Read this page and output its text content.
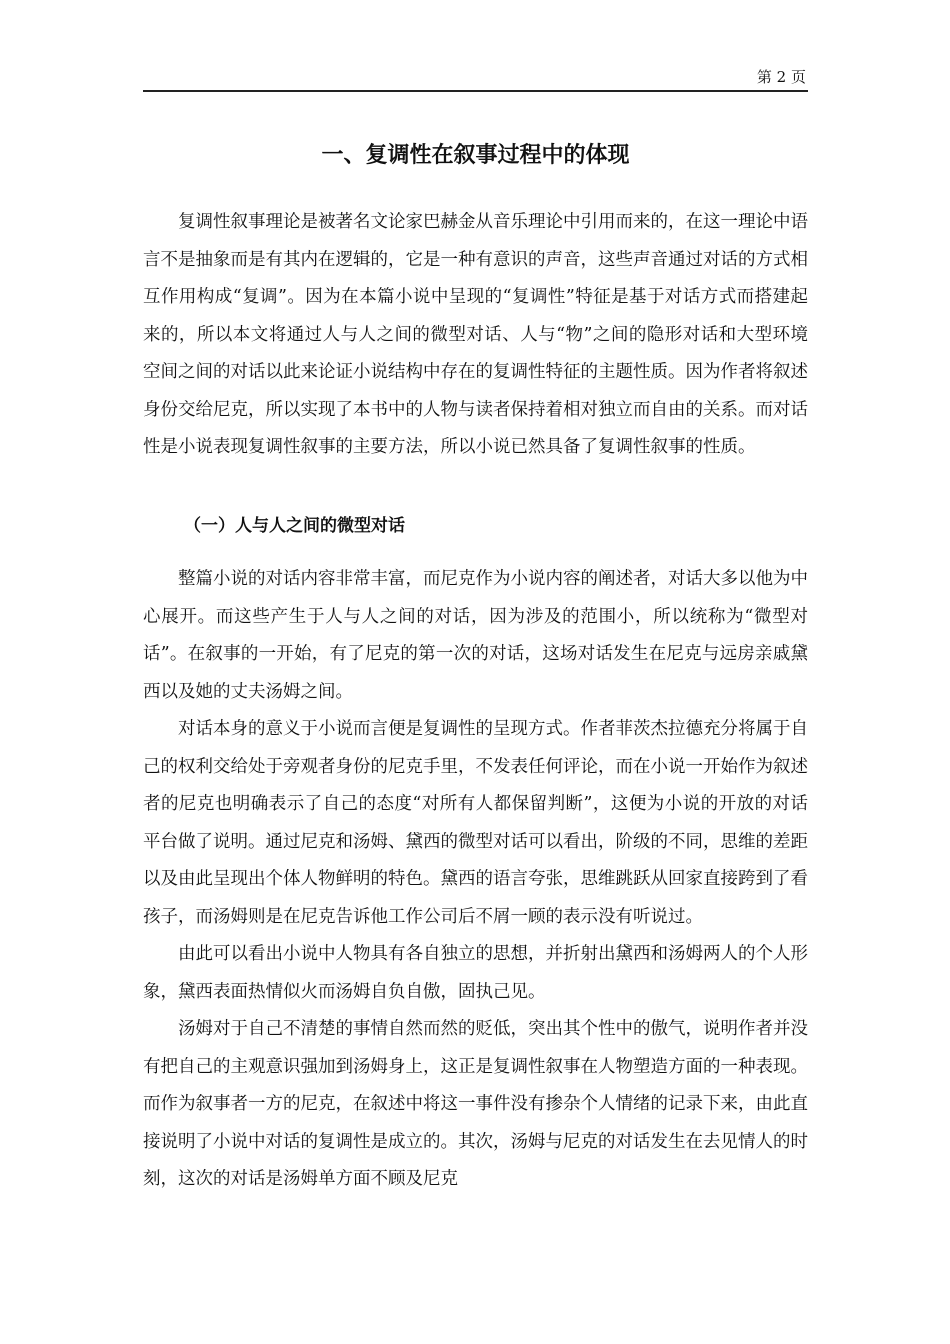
第 2 页
一、复调性在叙事过程中的体现

复调性叙事理论是被著名文论家巴赫金从音乐理论中引用而来的，在这一理论中语言不是抽象而是有其内在逻辑的，它是一种有意识的声音，这些声音通过对话的方式相互作用构成“复调”。因为在本篇小说中呈现的“复调性”特征是基于对话方式而搭建起来的，所以本文将通过人与人之间的微型对话、人与“物”之间的隐形对话和大型环境空间之间的对话以此来论证小说结构中存在的复调性特征的主题性质。因为作者将叙述身份交给尼克，所以实现了本书中的人物与读者保持着相对独立而自由的关系。而对话性是小说表现复调性叙事的主要方法，所以小说已然具备了复调性叙事的性质。

（一）人与人之间的微型对话

整篇小说的对话内容非常丰富，而尼克作为小说内容的阐述者，对话大多以他为中心展开。而这些产生于人与人之间的对话，因为涉及的范围小，所以统称为“微型对话”。在叙事的一开始，有了尼克的第一次的对话，这场对话发生在尼克与远房亲戚黛西以及她的丈夫汤姆之间。

对话本身的意义于小说而言便是复调性的呈现方式。作者菲茨杰拉德充分将属于自己的权利交给处于旁观者身份的尼克手里，不发表任何评论，而在小说一开始作为叙述者的尼克也明确表示了自己的态度“对所有人都保留判断”，这便为小说的开放的对话平台做了说明。通过尼克和汤姆、黛西的微型对话可以看出，阶级的不同，思维的差距以及由此呈现出个体人物鲜明的特色。黛西的语言夸张，思维跳跃从回家直接跨到了看孩子，而汤姆则是在尼克告诉他工作公司后不屑一顾的表示没有听说过。

由此可以看出小说中人物具有各自独立的思想，并折射出黛西和汤姆两人的个人形象，黛西表面热情似火而汤姆自负自傲，固执己见。

汤姆对于自己不清楚的事情自然而然的贬低，突出其个性中的傲气，说明作者并没有把自己的主观意识强加到汤姆身上，这正是复调性叙事在人物塑造方面的一种表现。而作为叙事者一方的尼克，在叙述中将这一事件没有掺杂个人情绪的记录下来，由此直接说明了小说中对话的复调性是成立的。其次，汤姆与尼克的对话发生在去见情人的时刻，这次的对话是汤姆单方面不顾及尼克
